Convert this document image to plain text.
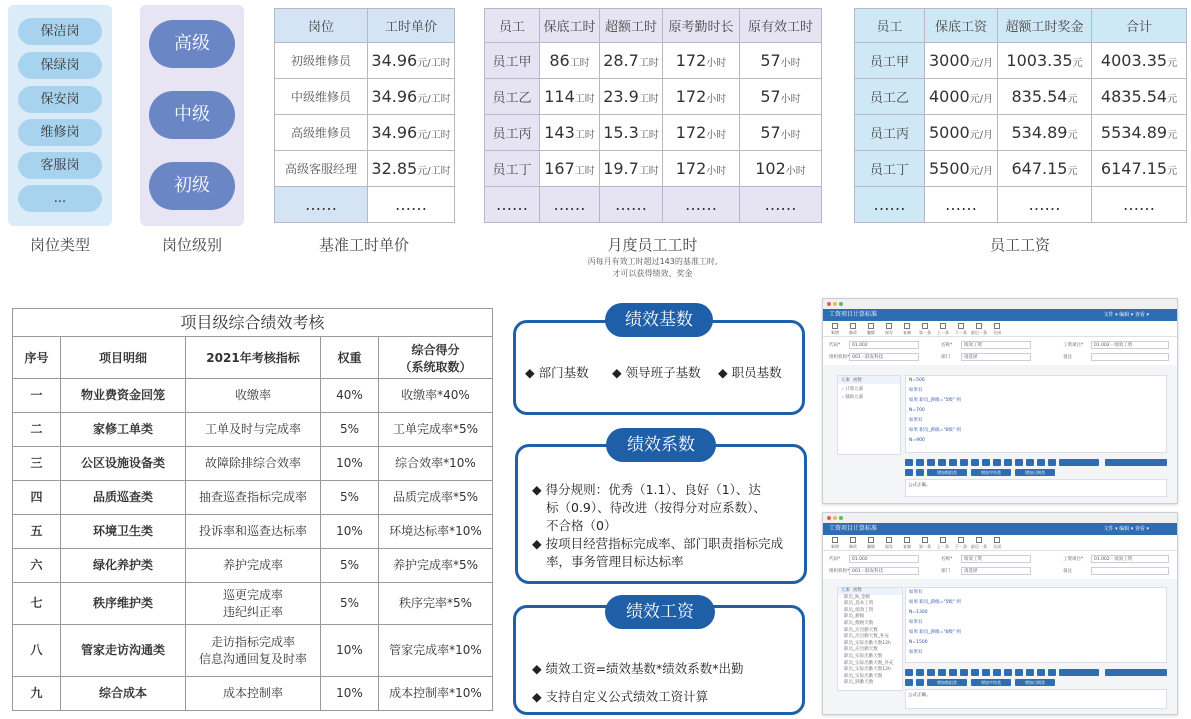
保洁岗
保绿岗
保安岗
维修岗
客服岗
...
岗位类型
高级
中级
初级
岗位级别
岗位	工时单价
初级维修员	34.96元/工时
中级维修员	34.96元/工时
高级维修员	34.96元/工时
高级客服经理	32.85元/工时
……	……
基准工时单价
员工	保底工时	超额工时	原考勤时长	原有效工时
员工甲	86工时	28.7工时	172小时	57小时
员工乙	114工时	23.9工时	172小时	57小时
员工丙	143工时	15.3工时	172小时	57小时
员工丁	167工时	19.7工时	172小时	102小时
……	……	……	……	……
月度员工工时
丙每月有效工时超过143的基准工时,
才可以获得绩效、奖金
员工	保底工资	超额工时奖金	合计
员工甲	3000元/月	1003.35元	4003.35元
员工乙	4000元/月	835.54元	4835.54元
员工丙	5000元/月	534.89元	5534.89元
员工丁	5500元/月	647.15元	6147.15元
……	……	……	……
员工工资
项目级综合绩效考核				
序号	项目明细	2021年考核指标	权重	综合得分
（系统取数）

一	物业费资金回笼	收缴率	40%	收缴率*40%
二	家修工单类	工单及时与完成率	5%	工单完成率*5%
三	公区设施设备类	故障除排综合效率	10%	综合效率*10%
四	品质巡查类	抽查巡查指标完成率	5%	品质完成率*5%
五	环境卫生类	投诉率和巡查达标率	10%	环境达标率*10%
六	绿化养护类	养护完成率	5%	养护完成率*5%
七	秩序维护类	巡更完成率
违纪纠正率	5%	秩序完率*5%
八	管家走访沟通类	走访指标完成率
信息沟通回复及时率	10%	管家完成率*10%
九	综合成本	成本控制率	10%	成本控制率*10%
绩效基数
◆ 部门基数 ◆ 领导班子基数 ◆ 职员基数
绩效系数
◆ 得分规则：优秀（1.1）、良好（1）、达
标（0.9）、待改进（按得分对应系数）、
不合格（0）
◆ 按项目经营指标完成率、部门职责指标完成
率，事务管理目标达标率
绩效工资
◆ 绩效工资=绩效基数*绩效系数*出勤
◆ 支持自定义公式绩效工资计算
工资项目计算标准	文件 ▾ 编辑 ▾ 查看 ▾
新增	修改	删除	保存	复制	第一条	上一条	下一条	最后一条	关闭
代码*	01.002	名称*	绩效工资	工资项目*	01.002 - 绩效工资
组织机构* 001 - 联发科技	部门	请选择	备注
元素 函数
› 计算元素
› 辅助元素
N=500
如果有
如果 职员_薪级="5级" 则
N=700
如果有
如果 职员_薪级="6级" 则
N=900
增加数组类	增加字符类	增加日期类
公式正确。
工资项目计算标准	文件 ▾ 编辑 ▾ 查看 ▾
新增	修改	删除	保存	复制	第一条	上一条	下一条	最后一条	关闭
代码*	01.002	名称*	绩效工资	工资项目*	01.002 - 绩效工资
组织机构* 001 - 联发科技	部门	请选择	备注
元素 函数
职员_N_金额
职员_基本工资
职员_绩效工资
职员_薪级
职员_缴税天数
职员_应出勤天数
职员_应出勤天数_补充
职员_实际出勤天数12h
职员_应出勤天数
职员_实际出勤天数
职员_实际出勤天数_补充
职员_实际出勤天数12h
职员_实际出勤天数
职员_缺勤天数
如果有
如果 职员_薪级="5级" 则
N=1300
如果有
如果 职员_薪级="6级" 则
N=1500
如果有
增加数组类	增加字符类	增加日期类
公式正确。
